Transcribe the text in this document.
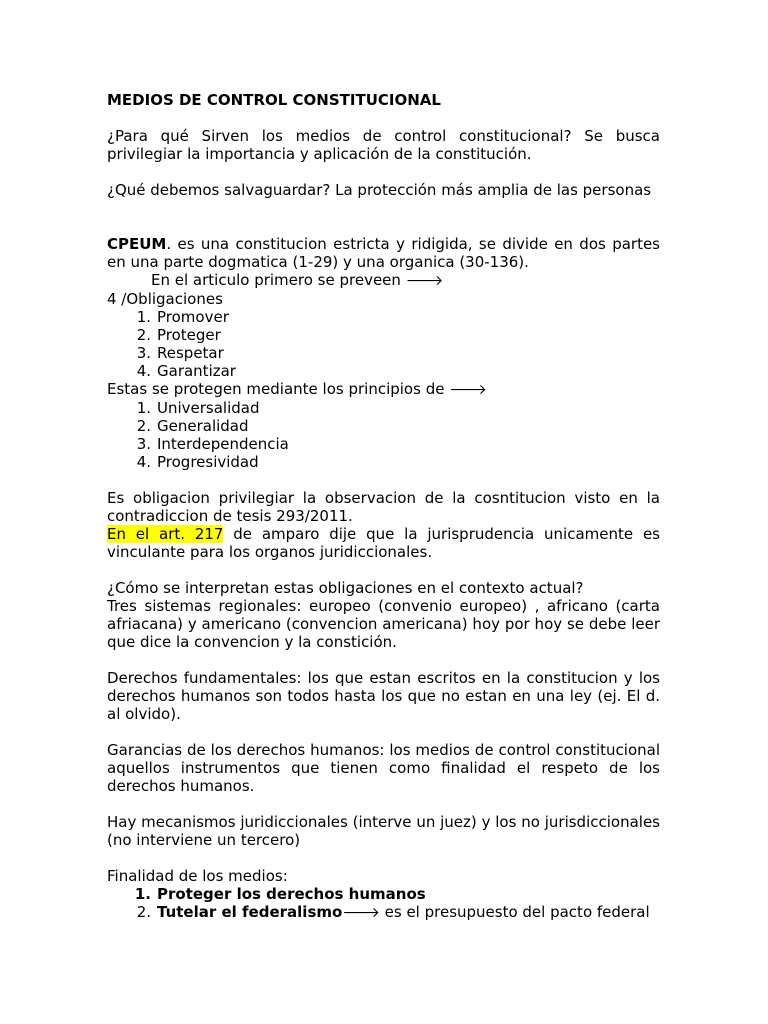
MEDIOS DE CONTROL CONSTITUCIONAL

¿Para qué Sirven los medios de control constitucional? Se busca privilegiar la importancia y aplicación de la constitución.

¿Qué debemos salvaguardar? La protección más amplia de las personas

CPEUM. es una constitucion estricta y ridigida, se divide en dos partes en una parte dogmatica (1-29) y una organica (30-136).

En el articulo primero se preveen 🡒

4 /Obligaciones

1. Promover
2. Proteger
3. Respetar
4. Garantizar

Estas se protegen mediante los principios de 🡒

1. Universalidad
2. Generalidad
3. Interdependencia
4. Progresividad

Es obligacion privilegiar la observacion de la cosntitucion visto en la contradiccion de tesis 293/2011.

En el art. 217 de amparo dije que la jurisprudencia unicamente es vinculante para los organos juridiccionales.

¿Cómo se interpretan estas obligaciones en el contexto actual?

Tres sistemas regionales: europeo (convenio europeo) , africano (carta afriacana) y americano (convencion americana) hoy por hoy se debe leer que dice la convencion y la constición.

Derechos fundamentales: los que estan escritos en la constitucion y los derechos humanos son todos hasta los que no estan en una ley (ej. El d. al olvido).

Garancias de los derechos humanos: los medios de control constitucional aquellos instrumentos que tienen como finalidad el respeto de los derechos humanos.

Hay mecanismos juridiccionales (interve un juez) y los no jurisdiccionales (no interviene un tercero)

Finalidad de los medios:

1. Proteger los derechos humanos
2. Tutelar el federalismo🡒 es el presupuesto del pacto federal
